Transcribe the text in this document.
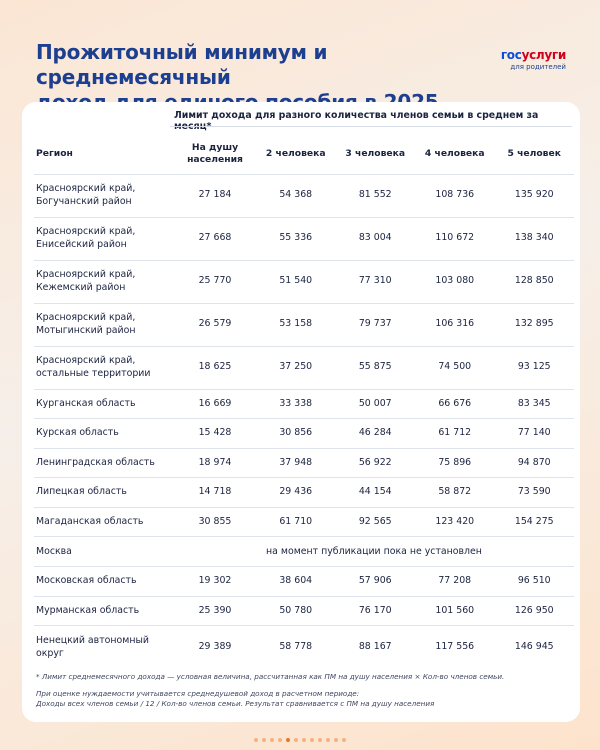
Прожиточный минимум и среднемесячный
госуслуги
для родителей
Лимит дохода для разного количества членов семьи в среднем за
Регион	На душу
населения	2 человека	3 человека	4 человека	5 человек
Красноярский край,
Богучанский район	27 184	54 368	81 552	108 736	135 920
Красноярский край,
Енисейский район	27 668	55 336	83 004	110 672	138 340
Красноярский край,
Кежемский район	25 770	51 540	77 310	103 080	128 850
Красноярский край,
Мотыгинский район	26 579	53 158	79 737	106 316	132 895
Красноярский край,
остальные территории	18 625	37 250	55 875	74 500	93 125
Курганская область	16 669	33 338	50 007	66 676	83 345
Курская область	15 428	30 856	46 284	61 712	77 140
Ленинградская область	18 974	37 948	56 922	75 896	94 870
Липецкая область	14 718	29 436	44 154	58 872	73 590
Магаданская область	30 855	61 710	92 565	123 420	154 275
Москва	на момент публикации пока не установлен				
Московская область	19 302	38 604	57 906	77 208	96 510
Мурманская область	25 390	50 780	76 170	101 560	126 950
Ненецкий автономный
округ	29 389	58 778	88 167	117 556	146 945

* Лимит среднемесячного дохода — условная величина, рассчитанная как ПМ на душу населения × Кол-во членов семьи.

При оценке нуждаемости учитывается среднедушевой доход в расчетном периоде:

Доходы всех членов семьи / 12 / Кол-во членов семьи. Результат сравнивается с ПМ на душу населения
